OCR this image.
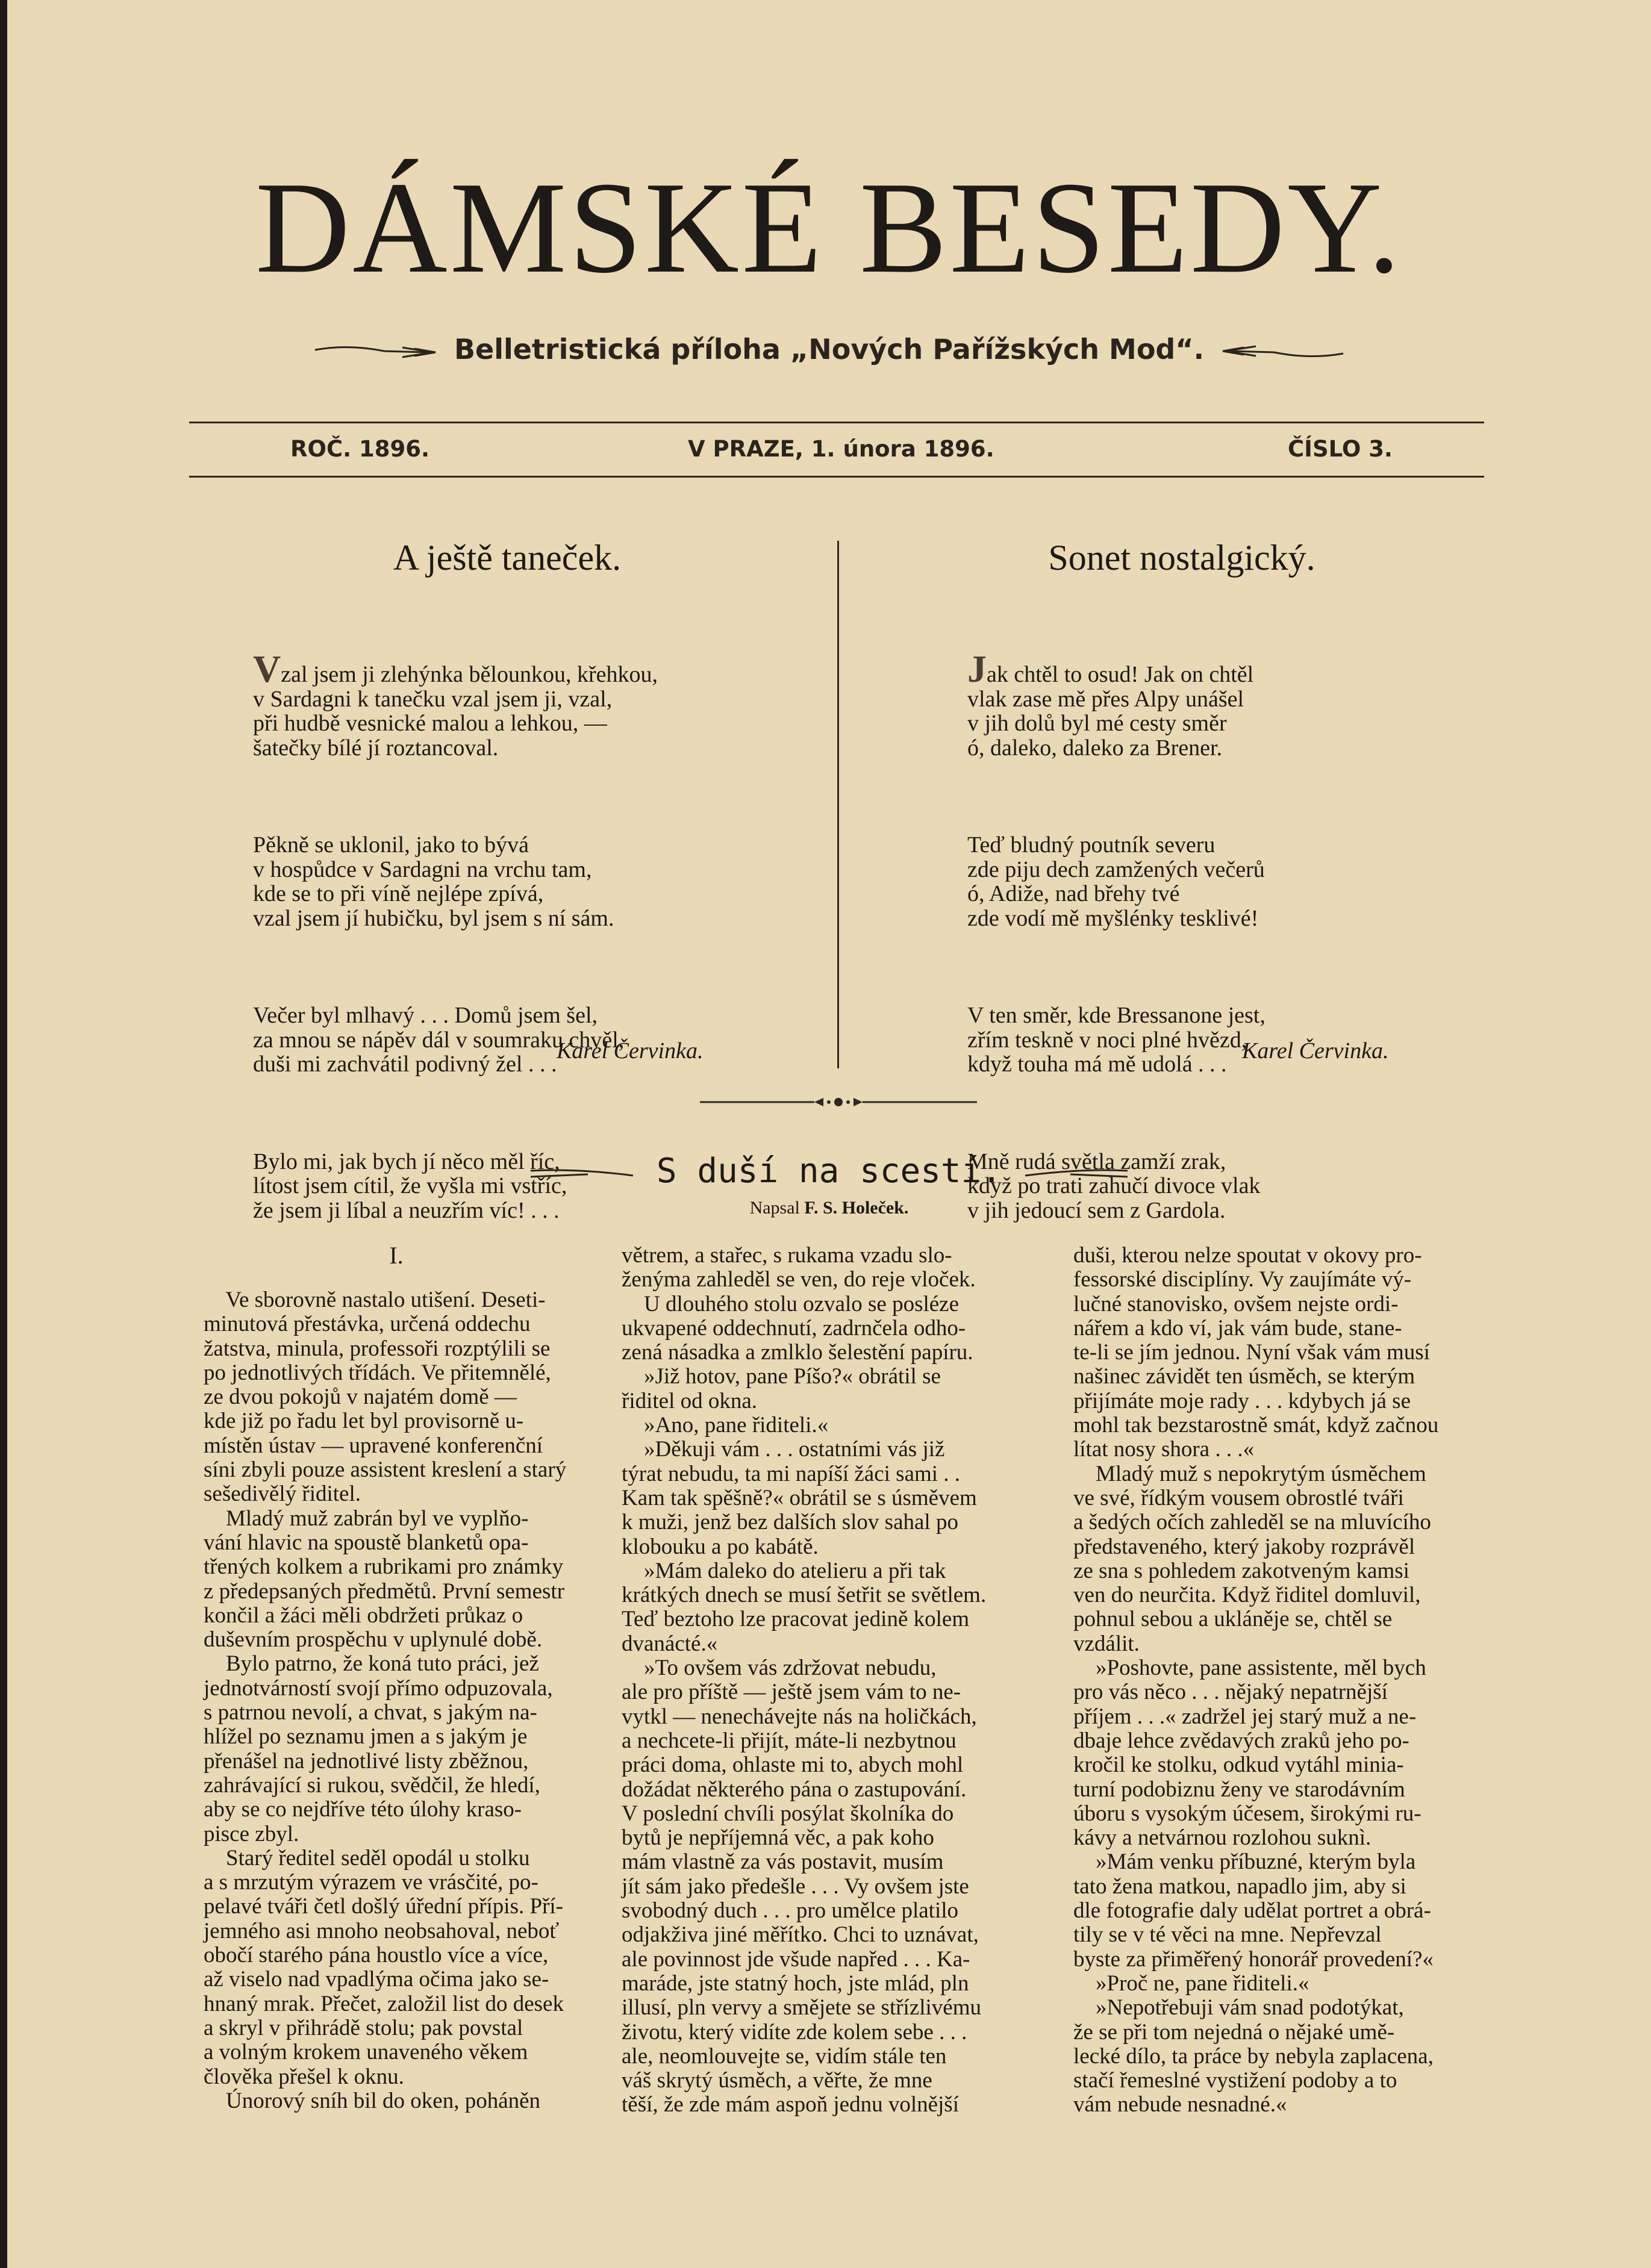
DÁMSKÉ BESEDY.
Belletristická příloha „Nových Pařížských Mod“.
ROČ. 1896.	V PRAZE, 1. února 1896.	ČÍSLO 3.
A ještě taneček.

Vzal jsem ji zlehýnka bělounkou, křehkou,
v Sardagni k tanečku vzal jsem ji, vzal,
při hudbě vesnické malou a lehkou, —
šatečky bílé jí roztancoval.

Pěkně se uklonil, jako to bývá
v hospůdce v Sardagni na vrchu tam,
kde se to při víně nejlépe zpívá,
vzal jsem jí hubičku, byl jsem s ní sám.

Večer byl mlhavý . . . Domů jsem šel,
za mnou se nápěv dál v soumraku chvěl,
duši mi zachvátil podivný žel . . .

Bylo mi, jak bych jí něco měl říc,
lítost jsem cítil, že vyšla mi vstříc,
že jsem ji líbal a neuzřím víc! . . .

Karel Červinka.
Sonet nostalgický.

Jak chtěl to osud! Jak on chtěl
vlak zase mě přes Alpy unášel
v jih dolů byl mé cesty směr
ó, daleko, daleko za Brener.

Teď bludný poutník severu
zde piju dech zamžených večerů
ó, Adiže, nad břehy tvé
zde vodí mě myšlénky tesklivé!

V ten směr, kde Bressanone jest,
zřím teskně v noci plné hvězd,
když touha má mě udolá . . .

Mně rudá světla zamží zrak,
když po trati zahučí divoce vlak
v jih jedoucí sem z Gardola.

Karel Červinka.
S duší na scestí.
Napsal F. S. Holeček.
I.
Ve sborovně nastalo utišení. Deseti-
minutová přestávka, určená oddechu
žatstva, minula, professoři rozptýlili se
po jednotlivých třídách. Ve přitemnělé,
ze dvou pokojů v najatém domě —
kde již po řadu let byl provisorně u-
místěn ústav — upravené konferenční
síni zbyli pouze assistent kreslení a starý
sešedivělý řiditel.
Mladý muž zabrán byl ve vyplňo-
vání hlavic na spoustě blanketů opa-
třených kolkem a rubrikami pro známky
z předepsaných předmětů. První semestr
končil a žáci měli obdržeti průkaz o
duševním prospěchu v uplynulé době.
Bylo patrno, že koná tuto práci, jež
jednotvárností svojí přímo odpuzovala,
s patrnou nevolí, a chvat, s jakým na-
hlížel po seznamu jmen a s jakým je
přenášel na jednotlivé listy zběžnou,
zahrávající si rukou, svědčil, že hledí,
aby se co nejdříve této úlohy kraso-
pisce zbyl.
Starý ředitel seděl opodál u stolku
a s mrzutým výrazem ve vrásčité, po-
pelavé tváři četl došlý úřední přípis. Pří-
jemného asi mnoho neobsahoval, neboť
obočí starého pána houstlo více a více,
až viselo nad vpadlýma očima jako se-
hnaný mrak. Přečet, založil list do desek
a skryl v přihrádě stolu; pak povstal
a volným krokem unaveného věkem
člověka přešel k oknu.
Únorový sníh bil do oken, poháněn
větrem, a stařec, s rukama vzadu slo-
ženýma zahleděl se ven, do reje vloček.
U dlouhého stolu ozvalo se posléze
ukvapené oddechnutí, zadrnčela odho-
zená násadka a zmlklo šelestění papíru.
»Již hotov, pane Píšo?« obrátil se
řiditel od okna.
»Ano, pane řiditeli.«
»Děkuji vám . . . ostatními vás již
týrat nebudu, ta mi napíší žáci sami . .
Kam tak spěšně?« obrátil se s úsměvem
k muži, jenž bez dalších slov sahal po
klobouku a po kabátě.
»Mám daleko do atelieru a při tak
krátkých dnech se musí šetřit se světlem.
Teď beztoho lze pracovat jedině kolem
dvanácté.«
»To ovšem vás zdržovat nebudu,
ale pro příště — ještě jsem vám to ne-
vytkl — nenechávejte nás na holičkách,
a nechcete-li přijít, máte-li nezbytnou
práci doma, ohlaste mi to, abych mohl
dožádat některého pána o zastupování.
V poslední chvíli posýlat školníka do
bytů je nepříjemná věc, a pak koho
mám vlastně za vás postavit, musím
jít sám jako předešle . . . Vy ovšem jste
svobodný duch . . . pro umělce platilo
odjakživa jiné měřítko. Chci to uznávat,
ale povinnost jde všude napřed . . . Ka-
maráde, jste statný hoch, jste mlád, pln
illusí, pln vervy a smějete se střízlivému
životu, který vidíte zde kolem sebe . . .
ale, neomlouvejte se, vidím stále ten
váš skrytý úsměch, a věřte, že mne
těší, že zde mám aspoň jednu volnější
duši, kterou nelze spoutat v okovy pro-
fessorské disciplíny. Vy zaujímáte vý-
lučné stanovisko, ovšem nejste ordi-
nářem a kdo ví, jak vám bude, stane-
te-li se jím jednou. Nyní však vám musí
našinec závidět ten úsměch, se kterým
přijímáte moje rady . . . kdybych já se
mohl tak bezstarostně smát, když začnou
lítat nosy shora . . .«
Mladý muž s nepokrytým úsměchem
ve své, řídkým vousem obrostlé tváři
a šedých očích zahleděl se na mluvícího
představeného, který jakoby rozprávěl
ze sna s pohledem zakotveným kamsi
ven do neurčita. Když řiditel domluvil,
pohnul sebou a ukláněje se, chtěl se
vzdálit.
»Poshovte, pane assistente, měl bych
pro vás něco . . . nějaký nepatrnější
příjem . . .« zadržel jej starý muž a ne-
dbaje lehce zvědavých zraků jeho po-
kročil ke stolku, odkud vytáhl minia-
turní podobiznu ženy ve starodávním
úboru s vysokým účesem, širokými ru-
kávy a netvárnou rozlohou suknì.
»Mám venku příbuzné, kterým byla
tato žena matkou, napadlo jim, aby si
dle fotografie daly udělat portret a obrá-
tily se v té věci na mne. Nepřevzal
byste za přiměřený honorář provedení?«
»Proč ne, pane řiditeli.«
»Nepotřebuji vám snad podotýkat,
že se při tom nejedná o nějaké umě-
lecké dílo, ta práce by nebyla zaplacena,
stačí řemeslné vystižení podoby a to
vám nebude nesnadné.«
